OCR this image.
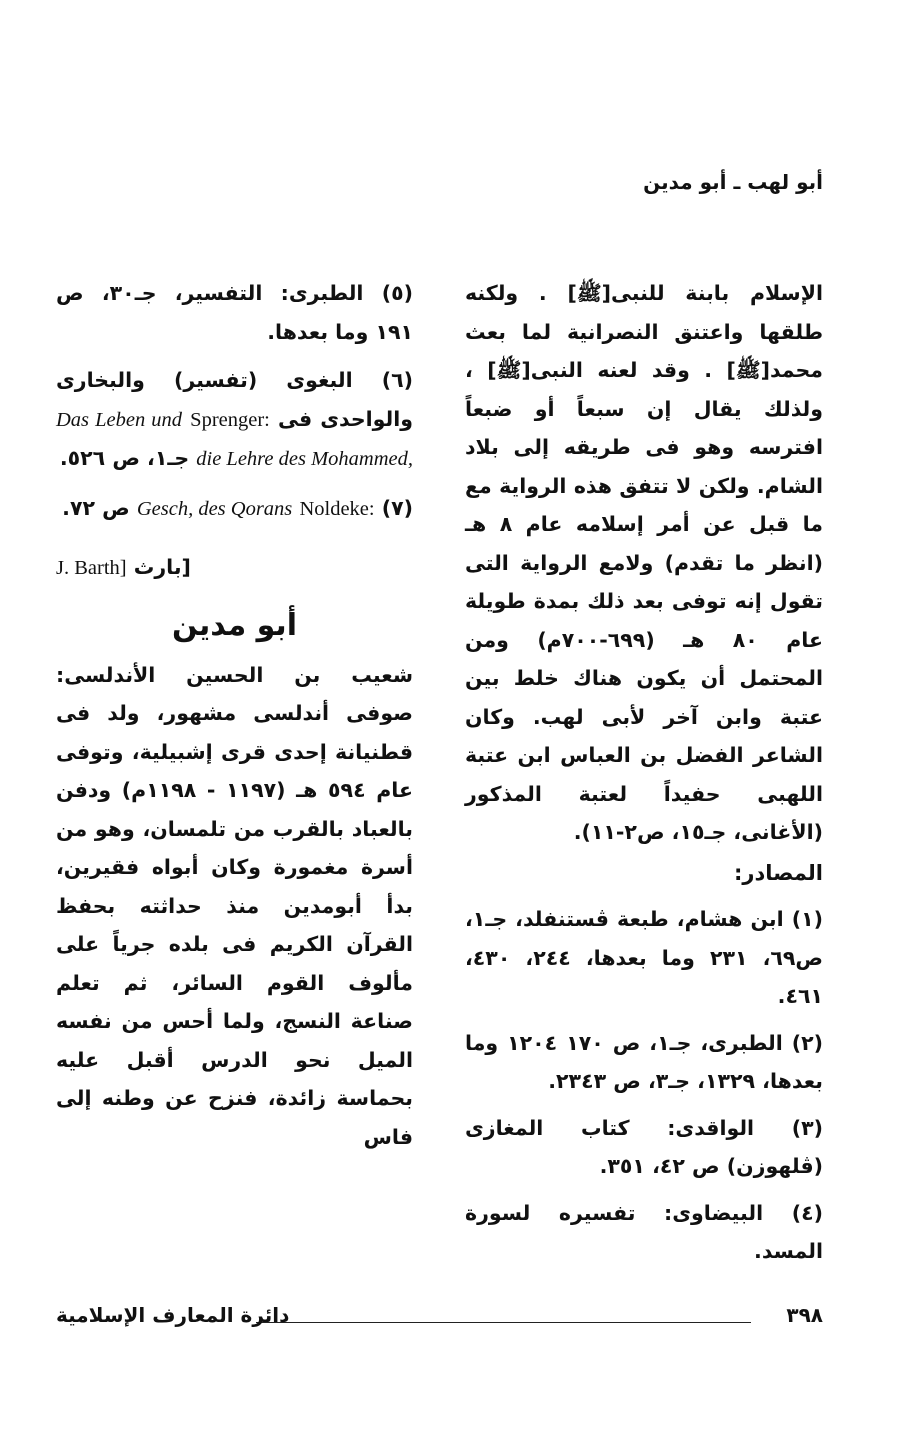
أبو لهب ـ أبو مدين

الإسلام بابنة للنبى[ﷺ] . ولكنه طلقها واعتنق النصرانية لما بعث محمد[ﷺ] . وقد لعنه النبى[ﷺ] ، ولذلك يقال إن سبعاً أو ضبعاً افترسه وهو فى طريقه إلى بلاد الشام. ولكن لا تتفق هذه الرواية مع ما قبل عن أمر إسلامه عام ٨ هـ (انظر ما تقدم) ولامع الرواية التى تقول إنه توفى بعد ذلك بمدة طويلة عام ٨٠ هـ (٦٩٩-٧٠٠م) ومن المحتمل أن يكون هناك خلط بين عتبة وابن آخر لأبى لهب. وكان الشاعر الفضل بن العباس ابن عتبة اللهبى حفيداً لعتبة المذكور (الأغانى، جـ١٥، ص٢-١١).

المصادر:

(١) ابن هشام، طبعة ڤستنفلد، جـ١، ص٦٩، ٢٣١ وما بعدها، ٢٤٤، ٤٣٠، ٤٦١.

(٢) الطبرى، جـ١، ص ١٧٠ ١٢٠٤ وما بعدها، ١٣٢٩، جـ٣، ص ٢٣٤٣.

(٣) الواقدى: كتاب المغازى (ڤلهوزن) ص ٤٢، ٣٥١.

(٤) البيضاوى: تفسيره لسورة المسد.

(٥) الطبرى: التفسير، جـ٣٠، ص ١٩١ وما بعدها.

(٦) البغوى (تفسير) والبخارى والواحدى فى Sprenger: Das Leben und die Lehre des Mohammed, جـ١، ص ٥٢٦.

(٧) Noldeke: Gesch, des Qorans ص ٧٢.

[بارث J. Barth]

أبو مدين

شعيب بن الحسين الأندلسى: صوفى أندلسى مشهور، ولد فى قطنيانة إحدى قرى إشبيلية، وتوفى عام ٥٩٤ هـ (١١٩٧ - ١١٩٨م) ودفن بالعباد بالقرب من تلمسان، وهو من أسرة مغمورة وكان أبواه فقيرين، بدأ أبومدين منذ حداثته بحفظ القرآن الكريم فى بلده جرياً على مألوف القوم السائر، ثم تعلم صناعة النسج، ولما أحس من نفسه الميل نحو الدرس أقبل عليه بحماسة زائدة، فنزح عن وطنه إلى فاس

٣٩٨
دائرة المعارف الإسلامية
